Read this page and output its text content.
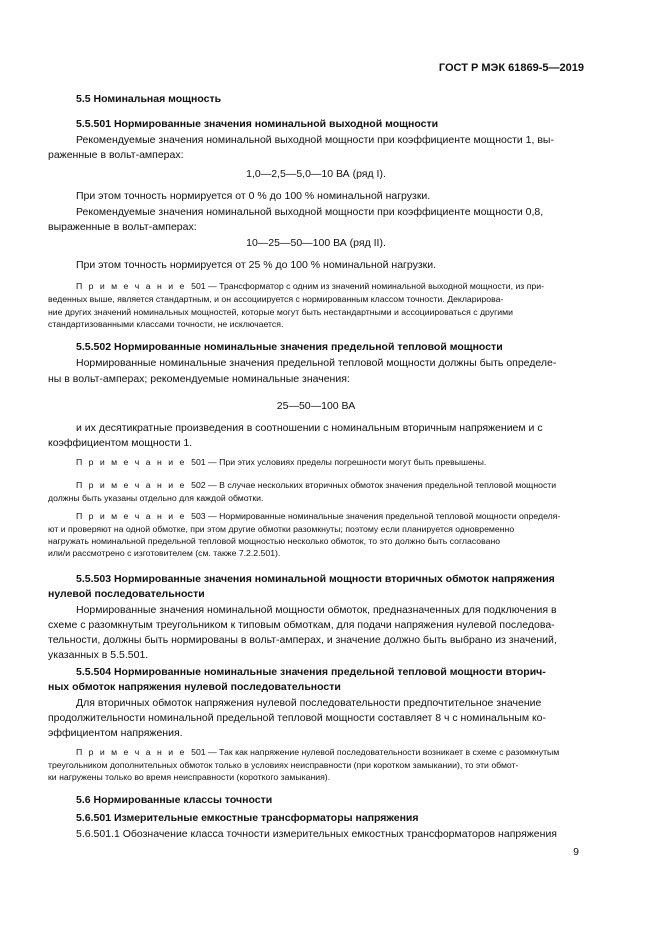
ГОСТ Р МЭК 61869-5—2019
5.5 Номинальная мощность
5.5.501 Нормированные значения номинальной выходной мощности
Рекомендуемые значения номинальной выходной мощности при коэффициенте мощности 1, вы-
раженные в вольт-амперах:
1,0—2,5—5,0—10 ВА (ряд I).
При этом точность нормируется от 0 % до 100 % номинальной нагрузки.
Рекомендуемые значения номинальной выходной мощности при коэффициенте мощности 0,8,
выраженные в вольт-амперах:
10—25—50—100 ВА (ряд II).
При этом точность нормируется от 25 % до 100 % номинальной нагрузки.
П р и м е ч а н и е 501 — Трансформатор с одним из значений номинальной выходной мощности, из при-
веденных выше, является стандартным, и он ассоциируется с нормированным классом точности. Декларирова-
ние других значений номинальных мощностей, которые могут быть нестандартными и ассоциироваться с другими
стандартизованными классами точности, не исключается.
5.5.502 Нормированные номинальные значения предельной тепловой мощности
Нормированные номинальные значения предельной тепловой мощности должны быть определе-
ны в вольт-амперах; рекомендуемые номинальные значения:
25—50—100 ВА
и их десятикратные произведения в соотношении с номинальным вторичным напряжением и с
коэффициентом мощности 1.
П р и м е ч а н и е 501 — При этих условиях пределы погрешности могут быть превышены.
П р и м е ч а н и е 502 — В случае нескольких вторичных обмоток значения предельной тепловой мощности
должны быть указаны отдельно для каждой обмотки.
П р и м е ч а н и е 503 — Нормированные номинальные значения предельной тепловой мощности определя-
ют и проверяют на одной обмотке, при этом другие обмотки разомкнуты; поэтому если планируется одновременно
нагружать номинальной предельной тепловой мощностью несколько обмоток, то это должно быть согласовано
или/и рассмотрено с изготовителем (см. также 7.2.2.501).
5.5.503 Нормированные значения номинальной мощности вторичных обмоток напряжения
нулевой последовательности
Нормированные значения номинальной мощности обмоток, предназначенных для подключения в
схеме с разомкнутым треугольником к типовым обмоткам, для подачи напряжения нулевой последова-
тельности, должны быть нормированы в вольт-амперах, и значение должно быть выбрано из значений,
указанных в 5.5.501.
5.5.504 Нормированные номинальные значения предельной тепловой мощности вторич-
ных обмоток напряжения нулевой последовательности
Для вторичных обмоток напряжения нулевой последовательности предпочтительное значение
продолжительности номинальной предельной тепловой мощности составляет 8 ч с номинальным ко-
эффициентом напряжения.
П р и м е ч а н и е 501 — Так как напряжение нулевой последовательности возникает в схеме с разомкнутым
треугольником дополнительных обмоток только в условиях неисправности (при коротком замыкании), то эти обмот-
ки нагружены только во время неисправности (короткого замыкания).
5.6 Нормированные классы точности
5.6.501 Измерительные емкостные трансформаторы напряжения
5.6.501.1 Обозначение класса точности измерительных емкостных трансформаторов напряжения
9
